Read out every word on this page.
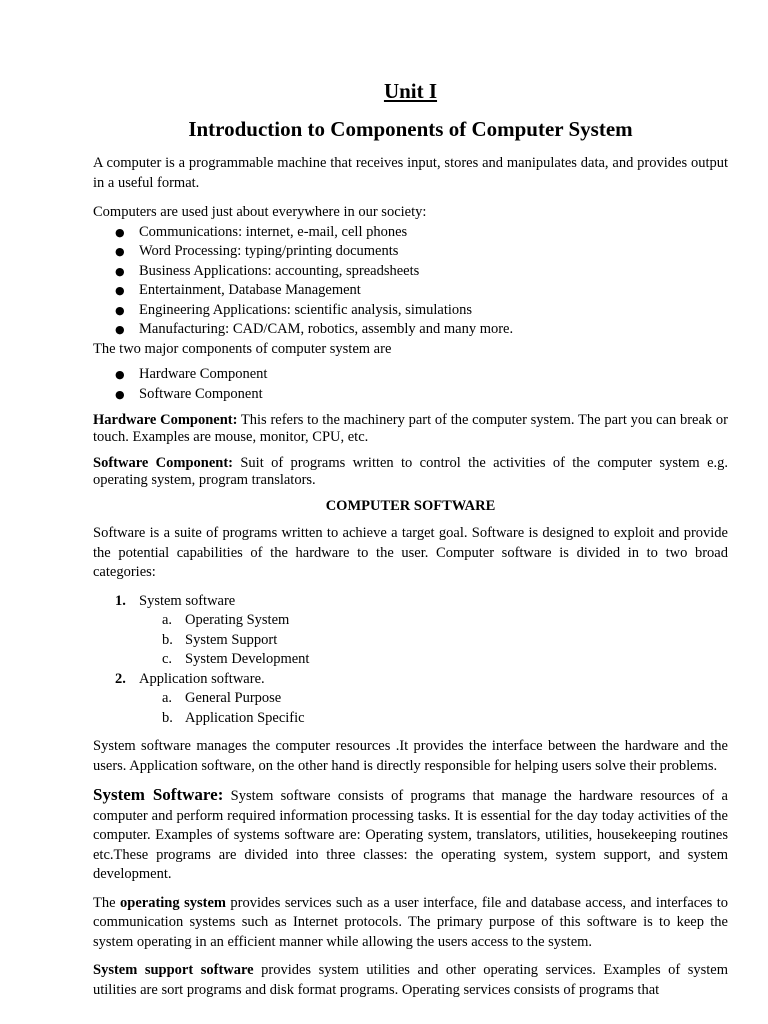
Unit I

Introduction to Components of Computer System

A computer is a programmable machine that receives input, stores and manipulates data, and provides output in a useful format.

Computers are used just about everywhere in our society:

● Communications: internet, e-mail, cell phones
● Word Processing: typing/printing documents
● Business Applications: accounting, spreadsheets
● Entertainment, Database Management
● Engineering Applications: scientific analysis, simulations
● Manufacturing: CAD/CAM, robotics, assembly and many more.

The two major components of computer system are

● Hardware Component
● Software Component

Hardware Component: This refers to the machinery part of the computer system. The part you can break or touch. Examples are mouse, monitor, CPU, etc.

Software Component: Suit of programs written to control the activities of the computer system e.g. operating system, program translators.

COMPUTER SOFTWARE

Software is a suite of programs written to achieve a target goal. Software is designed to exploit and provide the potential capabilities of the hardware to the user. Computer software is divided in to two broad categories:

1. System software
a. Operating System
b. System Support
c. System Development
2. Application software.
a. General Purpose
b. Application Specific

System software manages the computer resources .It provides the interface between the hardware and the users. Application software, on the other hand is directly responsible for helping users solve their problems.

System Software: System software consists of programs that manage the hardware resources of a computer and perform required information processing tasks. It is essential for the day today activities of the computer. Examples of systems software are: Operating system, translators, utilities, housekeeping routines etc.These programs are divided into three classes: the operating system, system support, and system development.

The operating system provides services such as a user interface, file and database access, and interfaces to communication systems such as Internet protocols. The primary purpose of this software is to keep the system operating in an efficient manner while allowing the users access to the system.

System support software provides system utilities and other operating services. Examples of system utilities are sort programs and disk format programs. Operating services consists of programs that
